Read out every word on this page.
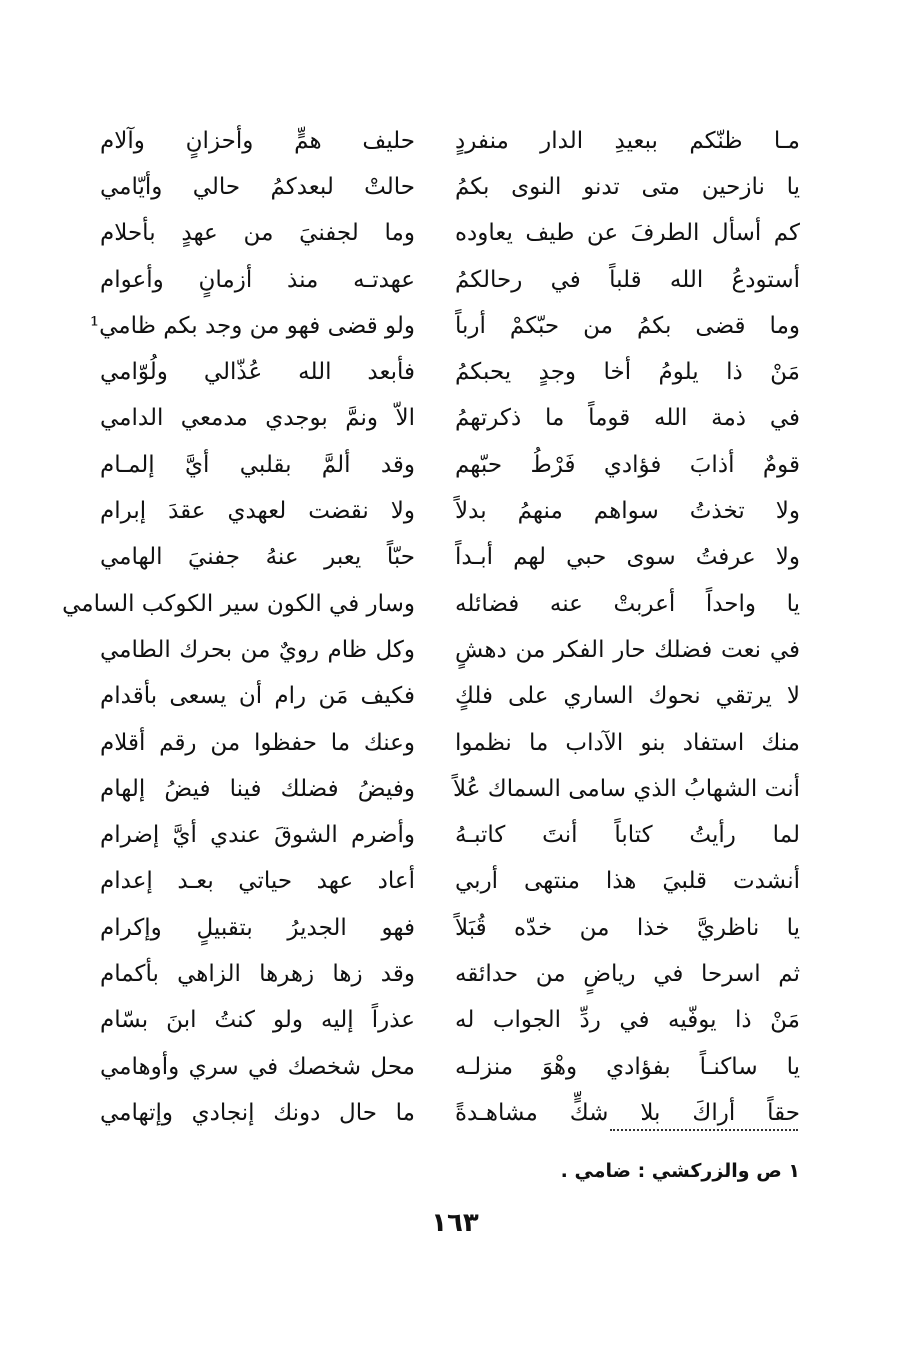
مـا ظنّكم ببعيدِ الدار منفردٍ
حليف همٍّ وأحزانٍ وآلام
يا نازحين متى تدنو النوى بكمُ
حالتْ لبعدكمُ حالي وأيّامي
كم أسأل الطرفَ عن طيف يعاوده
وما لجفنيَ من عهدٍ بأحلام
أستودعُ الله قلباً في رحالكمُ
عهدتـه منذ أزمانٍ وأعوام
وما قضى بكمُ من حبّكمْ أرباً
ولو قضى فهو من وجد بكم ظامي¹
مَنْ ذا يلومُ أخا وجدٍ يحبكمُ
فأبعد الله عُذّالي ولُوّامي
في ذمة الله قوماً ما ذكرتهمُ
الاّ ونمَّ بوجدي مدمعي الدامي
قومٌ أذابَ فؤادي فَرْطُ حبّهم
وقد ألمَّ بقلبي أيَّ إلمـام
ولا تخذتُ سواهم منهمُ بدلاً
ولا نقضت لعهدي عقدَ إبرام
ولا عرفتُ سوى حبي لهم أبـداً
حبّاً يعبر عنهُ جفنيَ الهامي
يا واحداً أعربتْ عنه فضائله
وسار في الكون سير الكوكب السامي
في نعت فضلك حار الفكر من دهشٍ
وكل ظام رويٌ من بحرك الطامي
لا يرتقي نحوك الساري على فلكٍ
فكيف مَن رام أن يسعى بأقدام
منك استفاد بنو الآداب ما نظموا
وعنك ما حفظوا من رقم أقلام
أنت الشهابُ الذي سامى السماك عُلاً
وفيضُ فضلك فينا فيضُ إلهام
لما رأيتُ كتاباً أنتَ كاتبـهُ
وأضرم الشوقَ عندي أيَّ إضرام
أنشدت قلبيَ هذا منتهى أربي
أعاد عهد حياتي بعـد إعدام
يا ناظريَّ خذا من خدّه قُبَلاً
فهو الجديرُ بتقبيلٍ وإكرام
ثم اسرحا في رياضٍ من حدائقه
وقد زها زهرها الزاهي بأكمام
مَنْ ذا يوفّيه في ردِّ الجواب له
عذراً إليه ولو كنتُ ابنَ بسّام
يا ساكنـاً بفؤادي وهْوَ منزلـه
محل شخصك في سري وأوهامي
حقاً أراكَ بلا شكٍّ مشاهـدةً
ما حال دونك إنجادي وإتهامي
١ ص والزركشي : ضامي .
١٦٣
